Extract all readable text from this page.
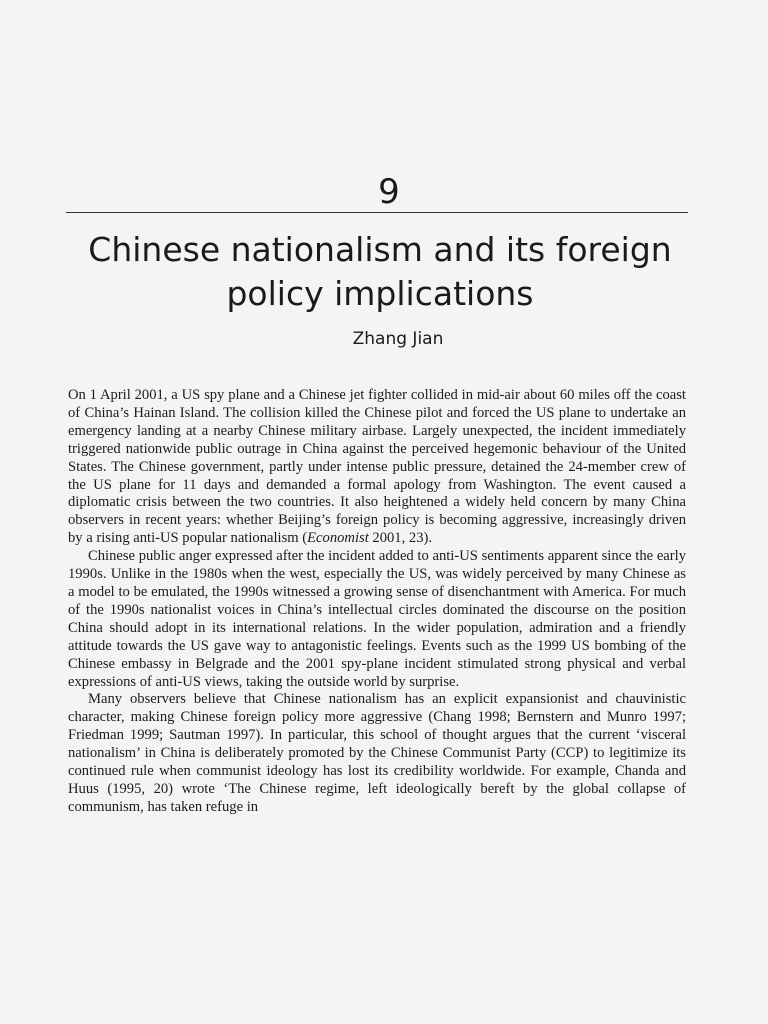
9
Chinese nationalism and its foreign policy implications
Zhang Jian

On 1 April 2001, a US spy plane and a Chinese jet fighter collided in mid-air about 60 miles off the coast of China’s Hainan Island. The collision killed the Chinese pilot and forced the US plane to undertake an emergency landing at a nearby Chinese military airbase. Largely unexpected, the incident immediately triggered nationwide public outrage in China against the perceived hegemonic behaviour of the United States. The Chinese government, partly under intense public pressure, detained the 24-member crew of the US plane for 11 days and demanded a formal apology from Washington. The event caused a diplomatic crisis between the two countries. It also heightened a widely held concern by many China observers in recent years: whether Beijing’s foreign policy is becoming aggressive, increasingly driven by a rising anti-US popular nationalism (Economist 2001, 23).

Chinese public anger expressed after the incident added to anti-US sentiments apparent since the early 1990s. Unlike in the 1980s when the west, especially the US, was widely perceived by many Chinese as a model to be emulated, the 1990s witnessed a growing sense of disenchantment with America. For much of the 1990s nationalist voices in China’s intellectual circles dominated the discourse on the position China should adopt in its international relations. In the wider population, admiration and a friendly attitude towards the US gave way to antagonistic feelings. Events such as the 1999 US bombing of the Chinese embassy in Belgrade and the 2001 spy-plane incident stimulated strong physical and verbal expressions of anti-US views, taking the outside world by surprise.

Many observers believe that Chinese nationalism has an explicit expansionist and chauvinistic character, making Chinese foreign policy more aggressive (Chang 1998; Bernstern and Munro 1997; Friedman 1999; Sautman 1997). In particular, this school of thought argues that the current ‘visceral nationalism’ in China is deliberately promoted by the Chinese Communist Party (CCP) to legitimize its continued rule when communist ideology has lost its credibility worldwide. For example, Chanda and Huus (1995, 20) wrote ‘The Chinese regime, left ideologically bereft by the global collapse of communism, has taken refuge in
